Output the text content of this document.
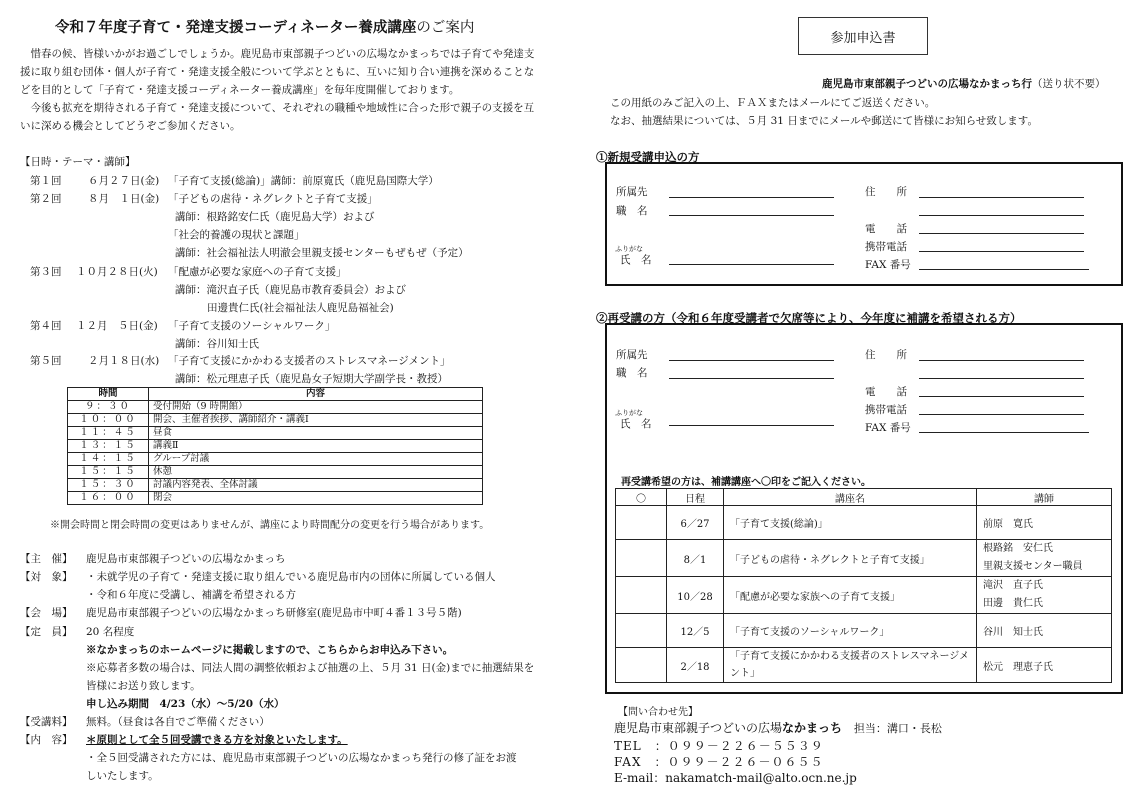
令和７年度子育て・発達支援コーディネーター養成講座のご案内
　惜春の候、皆様いかがお過ごしでしょうか。鹿児島市東部親子つどいの広場なかまっちでは子育てや発達支
援に取り組む団体・個人が子育て・発達支援全般について学ぶとともに、互いに知り合い連携を深めることな
どを目的として「子育て・発達支援コーディネーター養成講座」を毎年度開催しております。
　今後も拡充を期待される子育て・発達支援について、それぞれの職種や地域性に合った形で親子の支援を互
いに深める機会としてどうぞご参加ください。
【日時・テーマ・講師】
第１回	６月２７日(金) 「子育て支援(総論)」講師：前原寛氏（鹿児島国際大学）
第２回	８月　１日(金) 「子どもの虐待・ネグレクトと子育て支援」
講師：根路銘安仁氏（鹿児島大学）および
「社会的養護の現状と課題」
講師：社会福祉法人明澈会里親支援センターもぜもぜ（予定）
第３回 １０月２８日(火) 「配慮が必要な家庭への子育て支援」
講師：滝沢直子氏（鹿児島市教育委員会）および
田邊貴仁氏(社会福祉法人鹿児島福祉会)
第４回 １２月　５日(金) 「子育て支援のソーシャルワーク」
講師：谷川知士氏
第５回	２月１８日(水) 「子育て支援にかかわる支援者のストレスマネージメント」
講師：松元理恵子氏（鹿児島女子短期大学副学長・教授）
時間	内容
９：３０	受付開始（9 時開館）
１０：００	開会、主催者挨拶、講師紹介・講義Ⅰ
１１：４５	昼食
１３：１５	講義Ⅱ
１４：１５	グループ討議
１５：１５	休憩
１５：３０	討議内容発表、全体討議
１６：００	閉会
※開会時間と閉会時間の変更はありませんが、講座により時間配分の変更を行う場合があります。
【主　催】 鹿児島市東部親子つどいの広場なかまっち
【対　象】 ・未就学児の子育て・発達支援に取り組んでいる鹿児島市内の団体に所属している個人
・令和６年度に受講し、補講を希望される方
【会　場】 鹿児島市東部親子つどいの広場なかまっち研修室(鹿児島市中町４番１３号５階)
【定　員】 20 名程度
※なかまっちのホームページに掲載しますので、こちらからお申込み下さい。
※応募者多数の場合は、同法人間の調整依頼および抽選の上、５月 31 日(金)までに抽選結果を
皆様にお送り致します。
申し込み期間　4/23（水）～5/20（水）
【受講料】 無料。（昼食は各自でご準備ください）
【内　容】 ＊原則として全５回受講できる方を対象といたします。
・全５回受講された方には、鹿児島市東部親子つどいの広場なかまっち発行の修了証をお渡
しいたします。
参加申込書
鹿児島市東部親子つどいの広場なかまっち行（送り状不要）
この用紙のみご記入の上、ＦＡＸまたはメールにてご返送ください。
なお、抽選結果については、５月 31 日までにメールや郵送にて皆様にお知らせ致します。
①新規受講申込の方
所属先
職　名
ふりがな
氏　名
住　　所
電　　話
携帯電話
FAX 番号
②再受講の方（令和６年度受講者で欠席等により、今年度に補講を希望される方）
所属先
職　名
ふりがな
氏　名
住　　所
電　　話
携帯電話
FAX 番号
再受講希望の方は、補講講座へ〇印をご記入ください。
〇	日程	講座名	講師
	6／27	「子育て支援(総論)」	前原　寛氏
	8／1	「子どもの虐待・ネグレクトと子育て支援」	根路銘　安仁氏
里親支援センター職員

	10／28	「配慮が必要な家族への子育て支援」	滝沢　直子氏
田邊　貴仁氏

	12／5	「子育て支援のソーシャルワーク」	谷川　知士氏
	2／18	「子育て支援にかかわる支援者のストレスマネージメント」	松元　理恵子氏
【問い合わせ先】
鹿児島市東部親子つどいの広場なかまっち 担当：溝口・長松
TEL　：０９９－２２６－５５３９
FAX　：０９９－２２６－０６５５
E-mail：nakamatch-mail@alto.ocn.ne.jp
